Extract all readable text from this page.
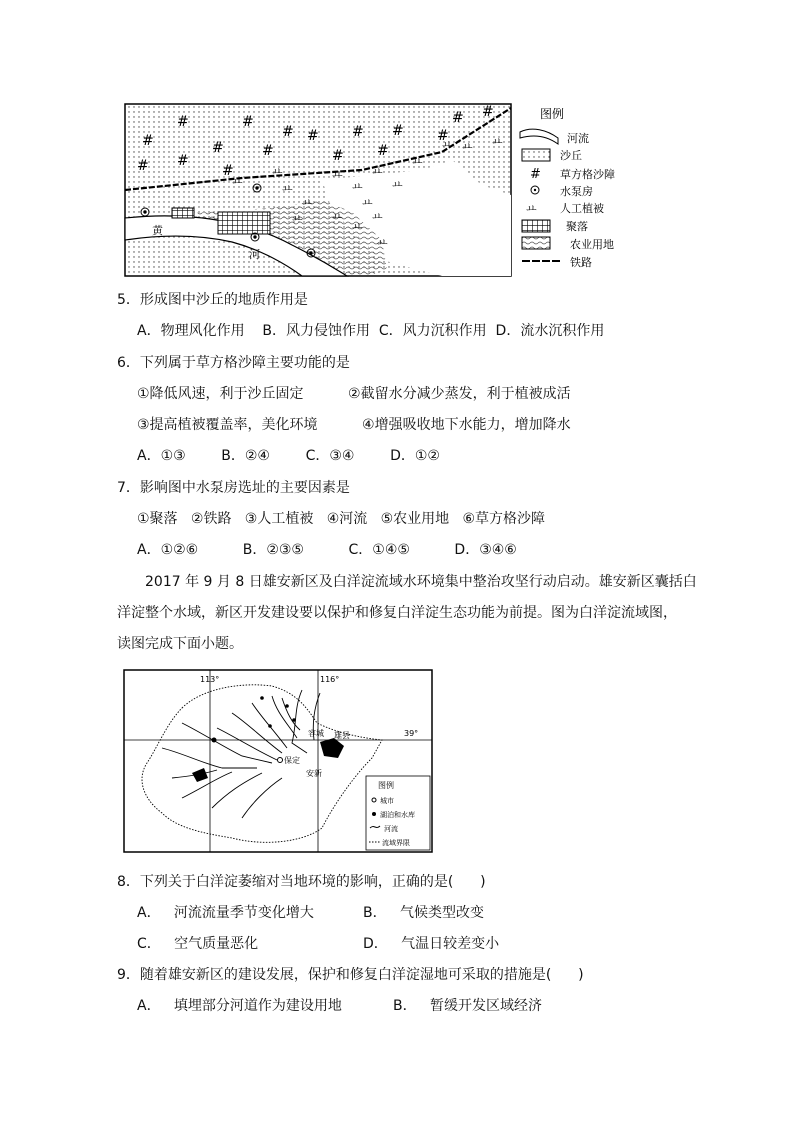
黄
河
#	#
#
# #
#	#	#
# # # #
# #
#
# #
ㅛ	ㅛ	ㅛ
ㅛ
ㅛ ㅛ
ㅛ
ㅛ
ㅛ	ㅛ	ㅛ
ㅛ
ㅛ
ㅛ
ㅛ
ㅛ
ㅛ
ㅛ
图例
河流
沙丘
# 草方格沙障
水泵房
ㅛ 人工植被
聚落
农业用地
铁路
5．形成图中沙丘的地质作用是
A．物理风化作用    B．风力侵蚀作用  C．风力沉积作用  D．流水沉积作用
6．下列属于草方格沙障主要功能的是
①降低风速，利于沙丘固定          ②截留水分减少蒸发，利于植被成活
③提高植被覆盖率，美化环境          ④增强吸收地下水能力，增加降水
A．①③        B．②④        C．③④        D．①②
7．影响图中水泵房选址的主要因素是
①聚落   ②铁路   ③人工植被   ④河流   ⑤农业用地   ⑥草方格沙障
A．①②⑥          B．②③⑤          C．①④⑤          D．③④⑥
2017 年 9 月 8 日雄安新区及白洋淀流域水环境集中整治攻坚行动启动。雄安新区囊括白
洋淀整个水域，新区开发建设要以保护和修复白洋淀生态功能为前提。图为白洋淀流域图，
读图完成下面小题。
113°	116°
39°
保定
容城 雄县
安新
图例
城市
湖泊和水库
河流
流域界限
8．下列关于白洋淀萎缩对当地环境的影响，正确的是(      )
A．   河流流量季节变化增大	B．   气候类型改变
C．   空气质量恶化	D．   气温日较差变小
9．随着雄安新区的建设发展，保护和修复白洋淀湿地可采取的措施是(      )
A．   填埋部分河道作为建设用地	B．   暂缓开发区域经济
